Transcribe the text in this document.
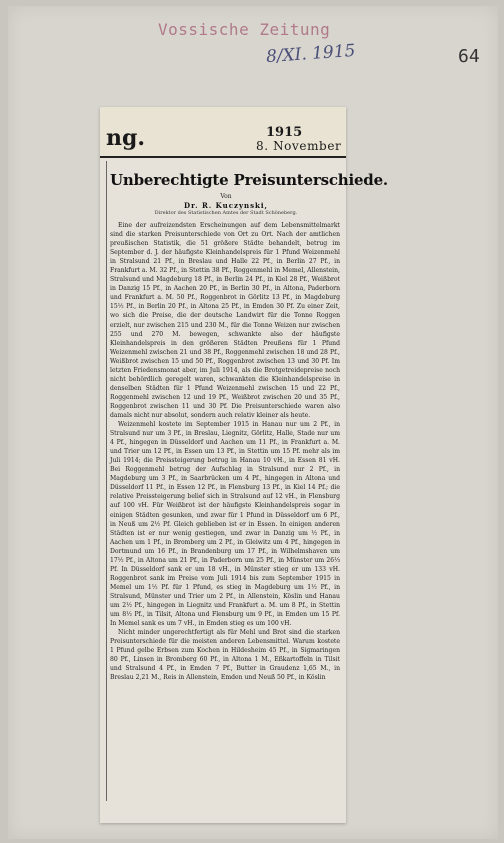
Vossische Zeitung
8/XI. 1915	64
ng.	1915
8. November
Unberechtigte Preisunterschiede.
Von
Dr. R. Kuczynski,
Direktor des Statistischen Amtes der Stadt Schöneberg.

Eine der aufreizendsten Erscheinungen auf dem Lebensmittelmarkt sind die starken Preisunterschiede von Ort zu Ort. Nach der amtlichen preußischen Statistik, die 51 größere Städte behandelt, betrug im September d. J. der häufigste Kleinhandelspreis für 1 Pfund Weizenmehl in Stralsund 21 Pf., in Breslau und Halle 22 Pf., in Berlin 27 Pf., in Frankfurt a. M. 32 Pf., in Stettin 38 Pf., Roggenmehl in Memel, Allenstein, Stralsund und Magdeburg 18 Pf., in Berlin 24 Pf., in Kiel 28 Pf., Weißbrot in Danzig 15 Pf., in Aachen 20 Pf., in Berlin 30 Pf., in Altona, Paderborn und Frankfurt a. M. 50 Pf., Roggenbrot in Görlitz 13 Pf., in Magdeburg 15½ Pf., in Berlin 20 Pf., in Altona 25 Pf., in Emden 30 Pf. Zu einer Zeit, wo sich die Preise, die der deutsche Landwirt für die Tonne Roggen erzielt, nur zwischen 215 und 230 M., für die Tonne Weizen nur zwischen 255 und 270 M. bewegen, schwankte also der häufigste Kleinhandelspreis in den größeren Städten Preußens für 1 Pfund Weizenmehl zwischen 21 und 38 Pf., Roggenmehl zwischen 18 und 28 Pf., Weißbrot zwischen 15 und 50 Pf., Roggenbrot zwischen 13 und 30 Pf. Im letzten Friedensmonat aber, im Juli 1914, als die Brotgetreidepreise noch nicht behördlich geregelt waren, schwankten die Kleinhandelspreise in denselben Städten für 1 Pfund Weizenmehl zwischen 15 und 22 Pf., Roggenmehl zwischen 12 und 19 Pf., Weißbrot zwischen 20 und 35 Pf., Roggenbrot zwischen 11 und 30 Pf. Die Preisunterschiede waren also damals nicht nur absolut, sondern auch relativ kleiner als heute.

Weizenmehl kostete im September 1915 in Hanau nur um 2 Pf., in Stralsund nur um 3 Pf., in Breslau, Liegnitz, Görlitz, Halle, Stade nur um 4 Pf., hingegen in Düsseldorf und Aachen um 11 Pf., in Frankfurt a. M. und Trier um 12 Pf., in Essen um 13 Pf., in Stettin um 15 Pf. mehr als im Juli 1914; die Preissteigerung betrug in Hanau 10 vH., in Essen 81 vH. Bei Roggenmehl betrug der Aufschlag in Stralsund nur 2 Pf., in Magdeburg um 3 Pf., in Saarbrücken um 4 Pf., hingegen in Altona und Düsseldorf 11 Pf., in Essen 12 Pf., in Flensburg 13 Pf., in Kiel 14 Pf.; die relative Preissteigerung belief sich in Stralsund auf 12 vH., in Flensburg auf 100 vH. Für Weißbrot ist der häufigste Kleinhandelspreis sogar in einigen Städten gesunken, und zwar für 1 Pfund in Düsseldorf um 6 Pf., in Neuß um 2½ Pf. Gleich geblieben ist er in Essen. In einigen anderen Städten ist er nur wenig gestiegen, und zwar in Danzig um ½ Pf., in Aachen um 1 Pf., in Bromberg um 2 Pf., in Gleiwitz um 4 Pf., hingegen in Dortmund um 16 Pf., in Brandenburg um 17 Pf., in Wilhelmshaven um 17½ Pf., in Altona um 21 Pf., in Paderborn um 25 Pf., in Münster um 26⅓ Pf. In Düsseldorf sank er um 18 vH., in Münster stieg er um 133 vH. Roggenbrot sank im Preise vom Juli 1914 bis zum September 1915 in Memel um 1½ Pf. für 1 Pfund, es stieg in Magdeburg um 1½ Pf., in Stralsund, Münster und Trier um 2 Pf., in Allenstein, Köslin und Hanau um 2½ Pf., hingegen in Liegnitz und Frankfurt a. M. um 8 Pf., in Stettin um 8½ Pf., in Tilsit, Altona und Flensburg um 9 Pf., in Emden um 15 Pf. In Memel sank es um 7 vH., in Emden stieg es um 100 vH.

Nicht minder ungerechtfertigt als für Mehl und Brot sind die starken Preisunterschiede für die meisten anderen Lebensmittel. Warum kostete 1 Pfund gelbe Erbsen zum Kochen in Hildesheim 45 Pf., in Sigmaringen 80 Pf., Linsen in Bromberg 60 Pf., in Altona 1 M., Eßkartoffeln in Tilsit und Stralsund 4 Pf., in Emden 7 Pf., Butter in Graudenz 1,65 M., in Breslau 2,21 M., Reis in Allenstein, Emden und Neuß 50 Pf., in Köslin
